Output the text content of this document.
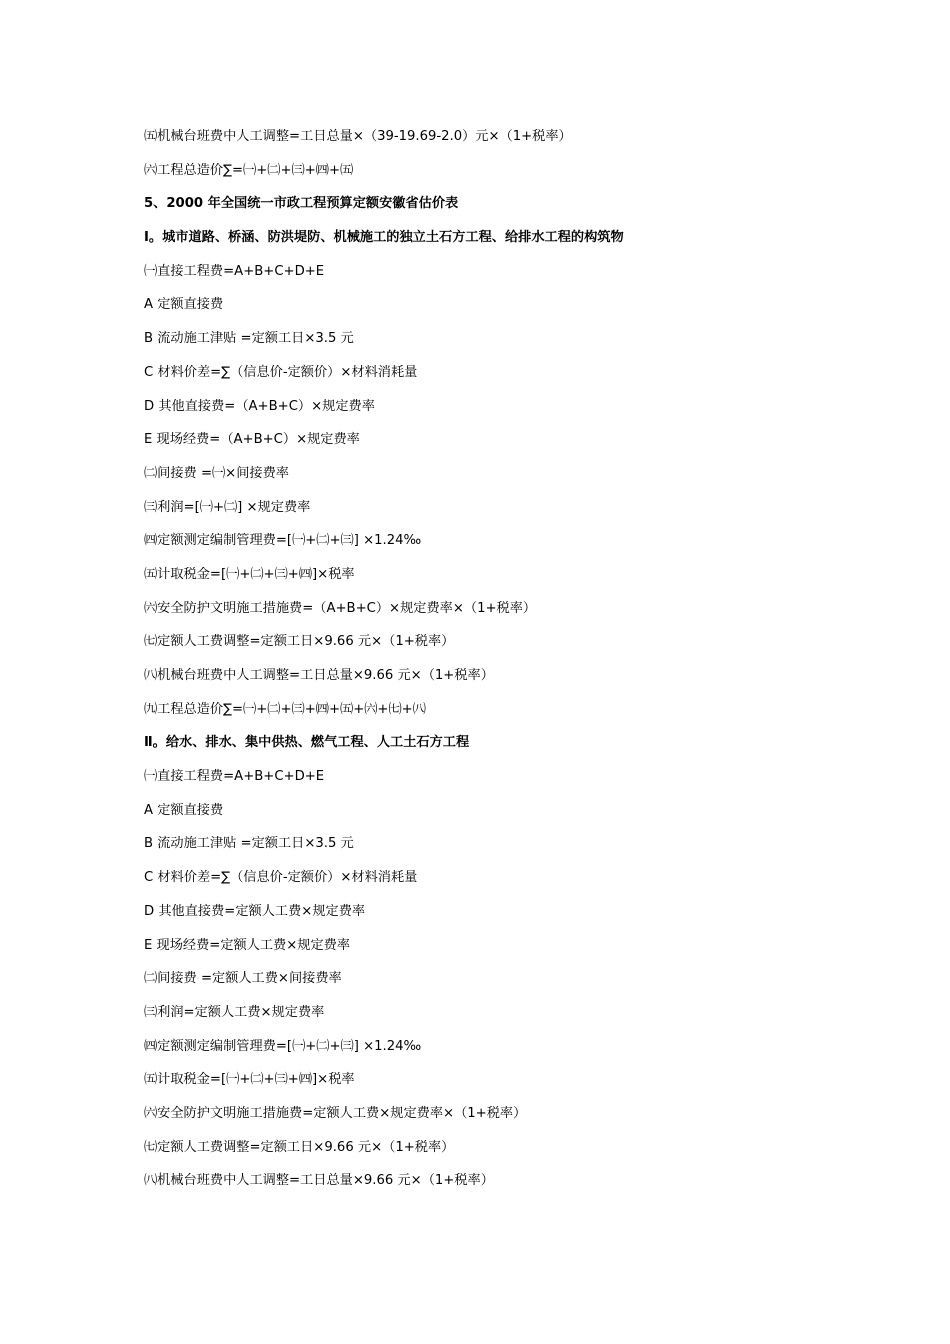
㈤机械台班费中人工调整=工日总量×（39-19.69-2.0）元×（1+税率）
㈥工程总造价∑=㈠+㈡+㈢+㈣+㈤
5、2000 年全国统一市政工程预算定额安徽省估价表
Ⅰ。城市道路、桥涵、防洪堤防、机械施工的独立土石方工程、给排水工程的构筑物
㈠直接工程费=A+B+C+D+E
A 定额直接费
B 流动施工津贴 =定额工日×3.5 元
C 材料价差=∑（信息价-定额价）×材料消耗量
D 其他直接费=（A+B+C）×规定费率
E 现场经费=（A+B+C）×规定费率
㈡间接费 =㈠×间接费率
㈢利润=[㈠+㈡] ×规定费率
㈣定额测定编制管理费=[㈠+㈡+㈢] ×1.24‰
㈤计取税金=[㈠+㈡+㈢+㈣]×税率
㈥安全防护文明施工措施费=（A+B+C）×规定费率×（1+税率）
㈦定额人工费调整=定额工日×9.66 元×（1+税率）
㈧机械台班费中人工调整=工日总量×9.66 元×（1+税率）
㈨工程总造价∑=㈠+㈡+㈢+㈣+㈤+㈥+㈦+㈧
Ⅱ。给水、排水、集中供热、燃气工程、人工土石方工程
㈠直接工程费=A+B+C+D+E
A 定额直接费
B 流动施工津贴 =定额工日×3.5 元
C 材料价差=∑（信息价-定额价）×材料消耗量
D 其他直接费=定额人工费×规定费率
E 现场经费=定额人工费×规定费率
㈡间接费 =定额人工费×间接费率
㈢利润=定额人工费×规定费率
㈣定额测定编制管理费=[㈠+㈡+㈢] ×1.24‰
㈤计取税金=[㈠+㈡+㈢+㈣]×税率
㈥安全防护文明施工措施费=定额人工费×规定费率×（1+税率）
㈦定额人工费调整=定额工日×9.66 元×（1+税率）
㈧机械台班费中人工调整=工日总量×9.66 元×（1+税率）
